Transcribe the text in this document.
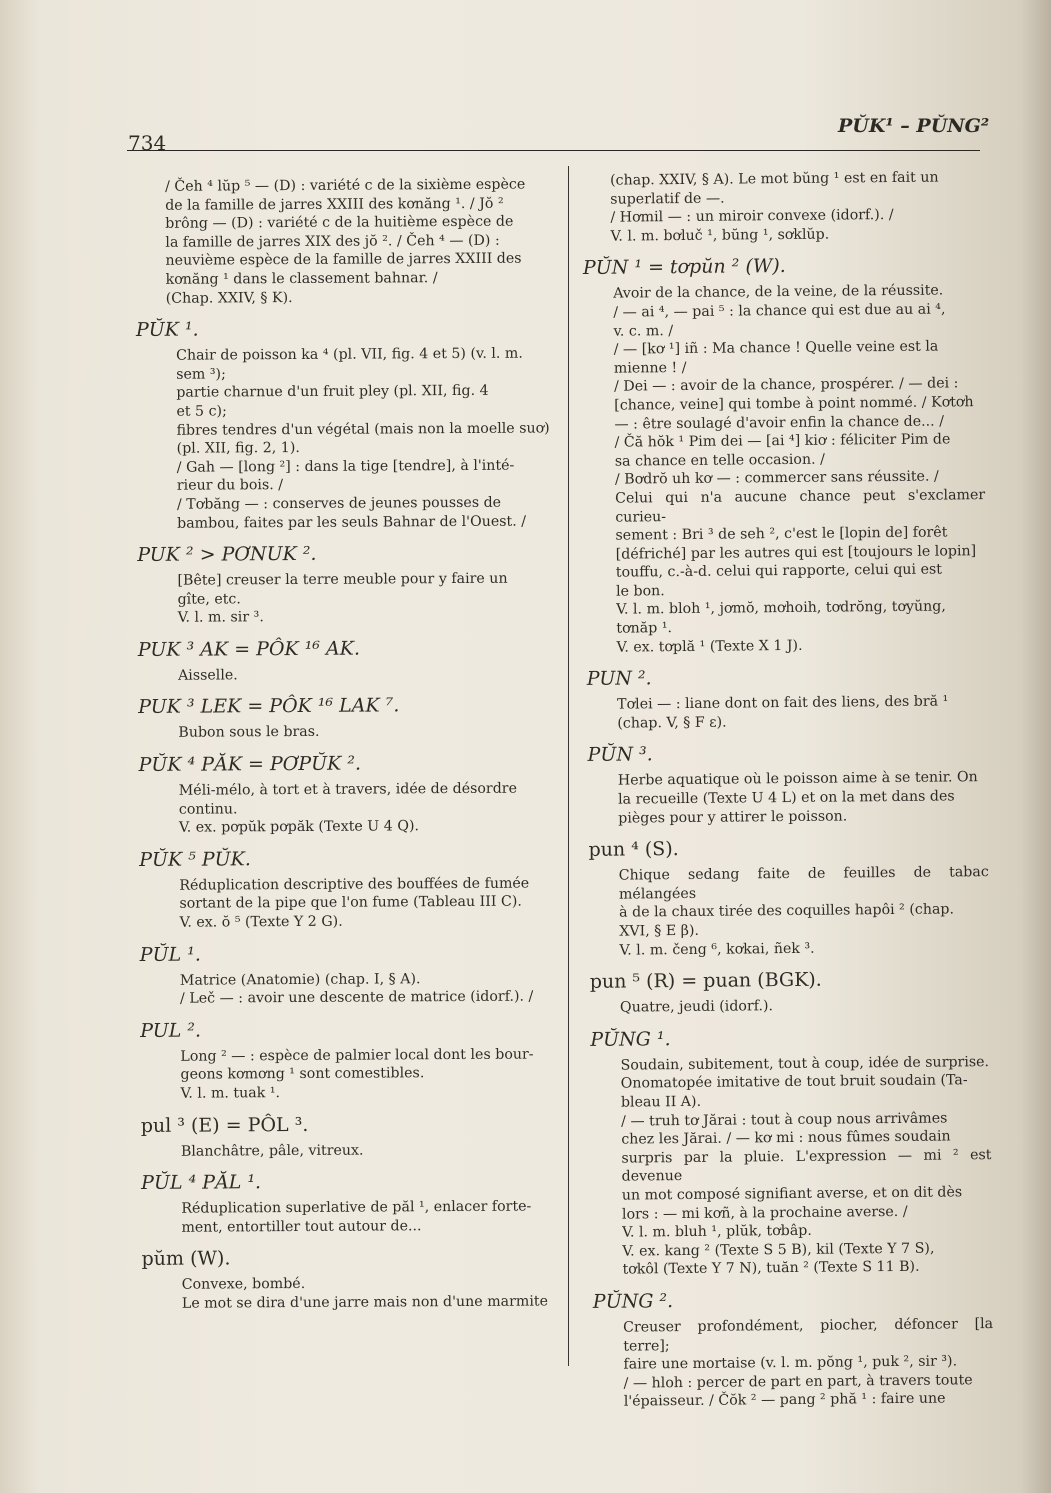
734
PŬK¹ – PŬNG²

/ Čeh ⁴ lŭp ⁵ — (D) : variété c de la sixième espèce

de la famille de jarres XXIII des kơnăng ¹. / Jŏ ²

brông — (D) : variété c de la huitième espèce de

la famille de jarres XIX des jŏ ². / Čeh ⁴ — (D) :

neuvième espèce de la famille de jarres XXIII des

kơnăng ¹ dans le classement bahnar. /

(Chap. XXIV, § K).

PŬK ¹.

Chair de poisson ka ⁴ (pl. VII, fig. 4 et 5) (v. l. m.

sem ³);

partie charnue d'un fruit pley (pl. XII, fig. 4

et 5 c);

fibres tendres d'un végétal (mais non la moelle suơ)

(pl. XII, fig. 2, 1).

/ Gah — [long ²] : dans la tige [tendre], à l'inté-

rieur du bois. /

/ Tơbăng — : conserves de jeunes pousses de

bambou, faites par les seuls Bahnar de l'Ouest. /

PUK ² > PƠNUK ².

[Bête] creuser la terre meuble pour y faire un

gîte, etc.

V. l. m. sir ³.

PUK ³ AK = PÔK ¹⁶ AK.

Aisselle.

PUK ³ LEK = PÔK ¹⁶ LAK ⁷.

Bubon sous le bras.

PŬK ⁴ PĂK = PƠPŬK ².

Méli-mélo, à tort et à travers, idée de désordre

continu.

V. ex. pơpŭk pơpăk (Texte U 4 Q).

PŬK ⁵ PŬK.

Réduplication descriptive des bouffées de fumée

sortant de la pipe que l'on fume (Tableau III C).

V. ex. ŏ ⁵ (Texte Y 2 G).

PŬL ¹.

Matrice (Anatomie) (chap. I, § A).

/ Leč — : avoir une descente de matrice (idorf.). /

PUL ².

Long ² — : espèce de palmier local dont les bour-

geons kơmơng ¹ sont comestibles.

V. l. m. tuak ¹.

pul ³ (E) = PÔL ³.

Blanchâtre, pâle, vitreux.

PŬL ⁴ PĂL ¹.

Réduplication superlative de păl ¹, enlacer forte-

ment, entortiller tout autour de...

pŭm (W).

Convexe, bombé.

Le mot se dira d'une jarre mais non d'une marmite

(chap. XXIV, § A). Le mot bŭng ¹ est en fait un

superlatif de —.

/ Hơmil — : un miroir convexe (idorf.). /

V. l. m. bơluč ¹, bŭng ¹, sơklŭp.

PŬN ¹ = tơpŭn ² (W).

Avoir de la chance, de la veine, de la réussite.

/ — ai ⁴, — pai ⁵ : la chance qui est due au ai ⁴,

v. c. m. /

/ — [kơ ¹] iñ : Ma chance ! Quelle veine est la

mienne ! /

/ Dei — : avoir de la chance, prospérer. / — dei :

[chance, veine] qui tombe à point nommé. / Kơtơh

— : être soulagé d'avoir enfin la chance de... /

/ Čă hŏk ¹ Pim dei — [ai ⁴] kiơ : féliciter Pim de

sa chance en telle occasion. /

/ Bơdrŏ uh kơ — : commercer sans réussite. /

Celui qui n'a aucune chance peut s'exclamer curieu-

sement : Bri ³ de seh ², c'est le [lopin de] forêt

[défriché] par les autres qui est [toujours le lopin]

touffu, c.-à-d. celui qui rapporte, celui qui est

le bon.

V. l. m. bloh ¹, jơmŏ, mơhoih, tơdrŏng, tơyŭng,

tơnăp ¹.

V. ex. tơplă ¹ (Texte X 1 J).

PUN ².

Tơlei — : liane dont on fait des liens, des bră ¹

(chap. V, § F ε).

PŬN ³.

Herbe aquatique où le poisson aime à se tenir. On

la recueille (Texte U 4 L) et on la met dans des

pièges pour y attirer le poisson.

pun ⁴ (S).

Chique sedang faite de feuilles de tabac mélangées

à de la chaux tirée des coquilles hapôi ² (chap.

XVI, § E β).

V. l. m. čeng ⁶, kơkai, ñek ³.

pun ⁵ (R) = puan (BGK).

Quatre, jeudi (idorf.).

PŬNG ¹.

Soudain, subitement, tout à coup, idée de surprise.

Onomatopée imitative de tout bruit soudain (Ta-

bleau II A).

/ — truh tơ Jărai : tout à coup nous arrivâmes

chez les Jărai. / — kơ mi : nous fûmes soudain

surpris par la pluie. L'expression — mi ² est devenue

un mot composé signifiant averse, et on dit dès

lors : — mi kơñ, à la prochaine averse. /

V. l. m. bluh ¹, plŭk, tơbâp.

V. ex. kang ² (Texte S 5 B), kil (Texte Y 7 S),

tơkôl (Texte Y 7 N), tuăn ² (Texte S 11 B).

PŬNG ².

Creuser profondément, piocher, défoncer [la terre];

faire une mortaise (v. l. m. pŏng ¹, puk ², sir ³).

/ — hloh : percer de part en part, à travers toute

l'épaisseur. / Čŏk ² — pang ² phă ¹ : faire une
